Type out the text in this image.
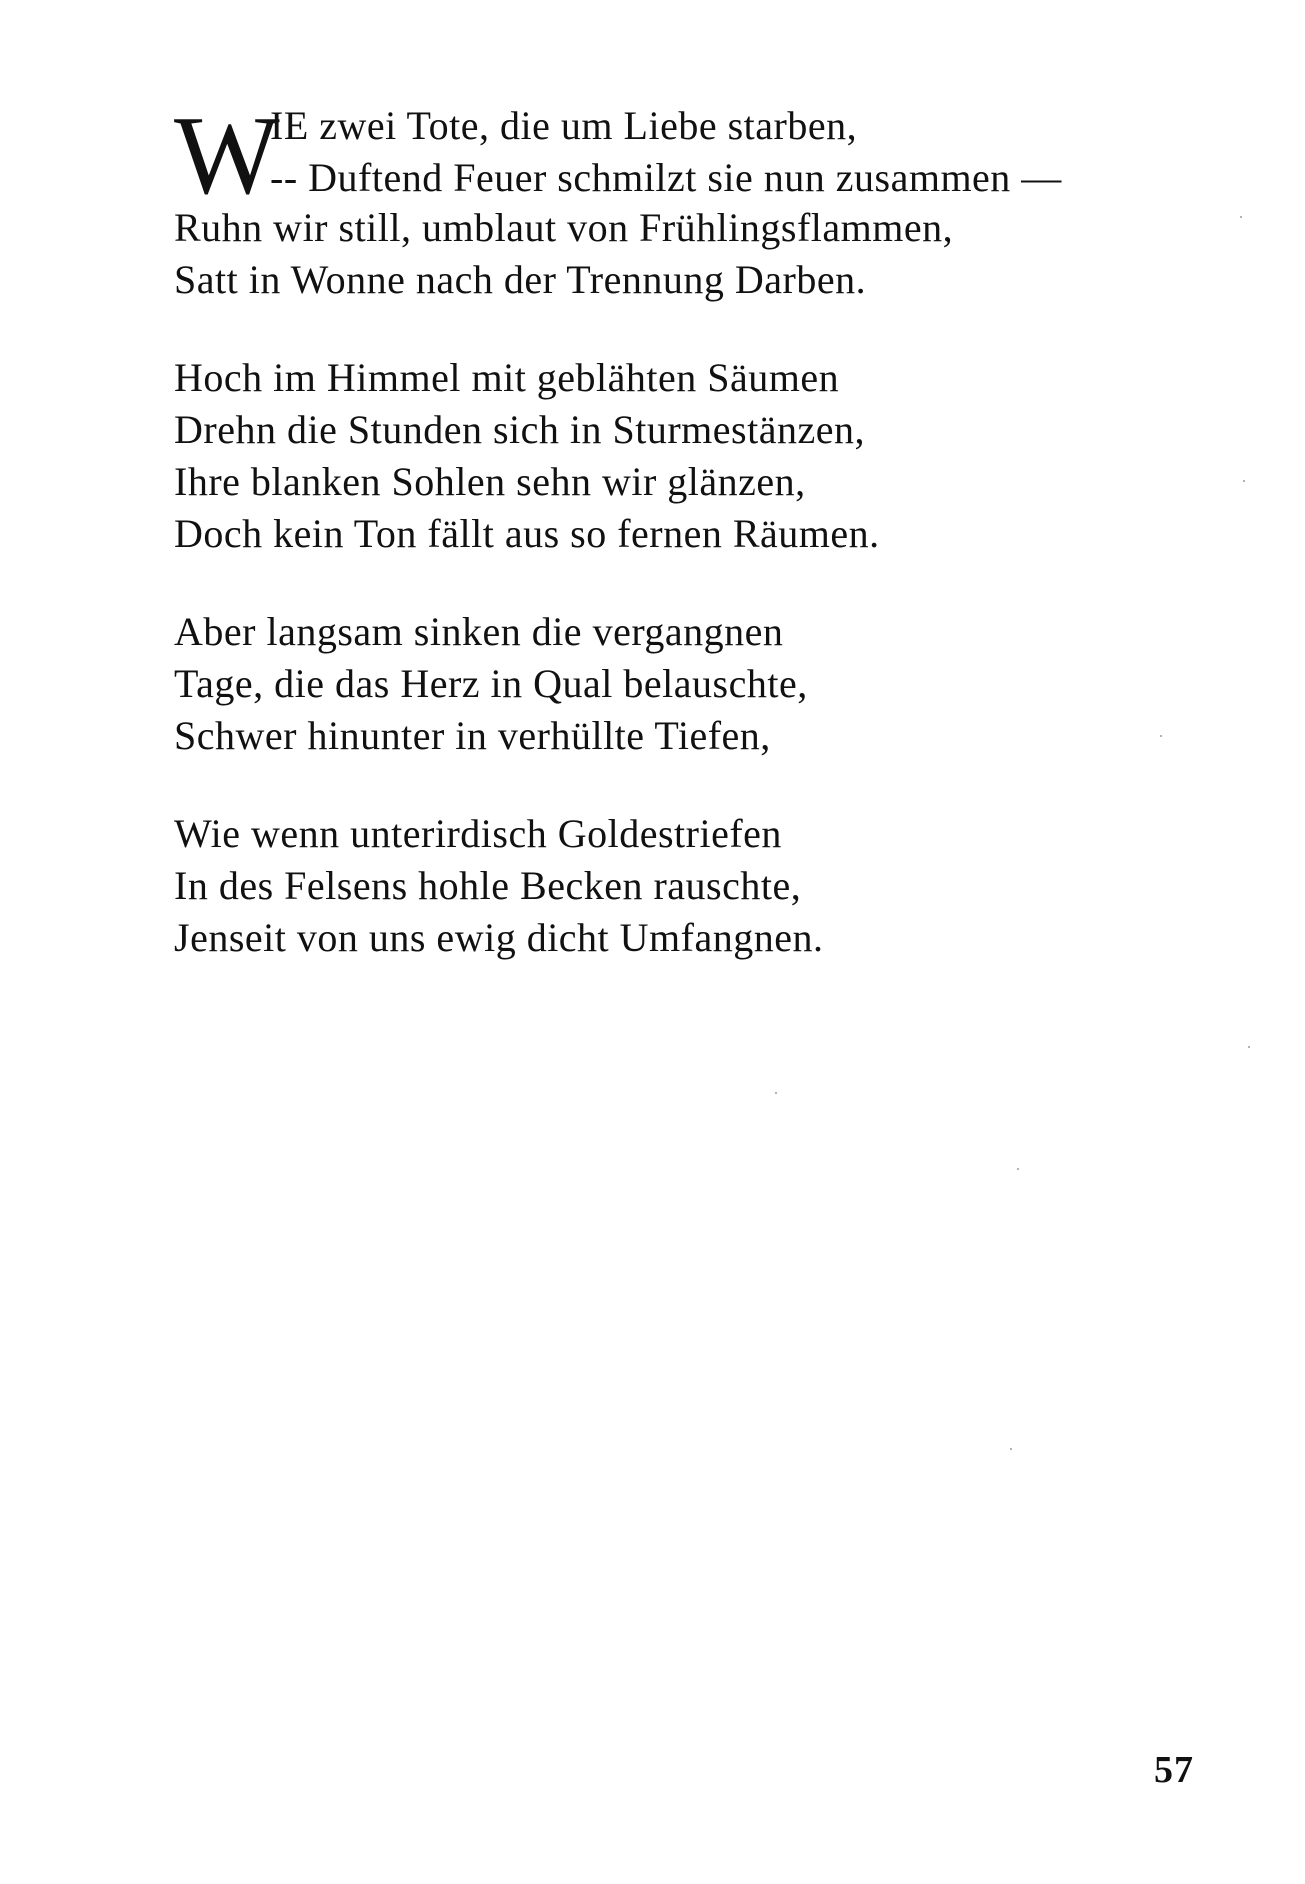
W
IE zwei Tote, die um Liebe starben,
-- Duftend Feuer schmilzt sie nun zusammen —
Ruhn wir still, umblaut von Frühlingsflammen,
Satt in Wonne nach der Trennung Darben.
Hoch im Himmel mit geblähten Säumen
Drehn die Stunden sich in Sturmestänzen,
Ihre blanken Sohlen sehn wir glänzen,
Doch kein Ton fällt aus so fernen Räumen.
Aber langsam sinken die vergangnen
Tage, die das Herz in Qual belauschte,
Schwer hinunter in verhüllte Tiefen,
Wie wenn unterirdisch Goldestriefen
In des Felsens hohle Becken rauschte,
Jenseit von uns ewig dicht Umfangnen.
57
